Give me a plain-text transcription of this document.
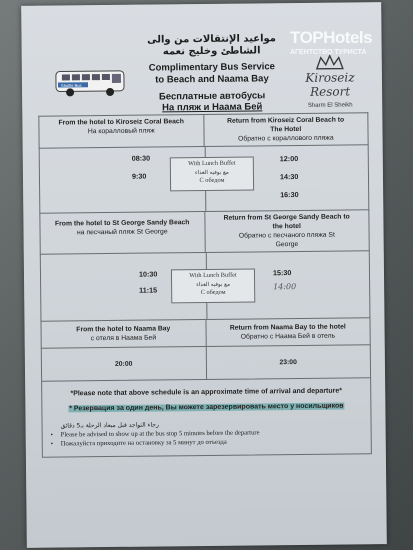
مواعيد الإنتقالات من والى الشاطئ وخليج نعمه
Shuttle Bus
Complimentary Bus Service
to Beach and Naama Bay
Бесплатные автобусы
На пляж и Наама Бей
Kiroseiz Resort
Sharm El Sheikh
From the hotel to Kiroseiz Coral Beach
На коралловый пляж
Return from Kiroseiz Coral Beach to
The Hotel
Обратно с кораллового пляжа
08:30
9:30
12:00
14:30
16:30
With Lunch Buffet
مع بوفيه الغذاء
С обедом
From the hotel to St George Sandy Beach
на песчаный пляж St George
Return from St George Sandy Beach to
the hotel
Обратно с песчаного пляжа St
George
10:30
11:15
15:30
14:00
With Lunch Buffet
مع بوفيه الغذاء
С обедом
From the hotel to Naama Bay
с отеля в Наама Бей
Return from Naama Bay to the hotel
Обратно с Наама Бей в отель
20:00	23:00
*Please note that above schedule is an approximate time of arrival and departure*
* Резервация за один день, Вы можете зарезервировать место у носильщиков
رجاء التواجد قبل ميعاد الرحلة بـ5 دقائق
• Please be advised to show up at the bus stop 5 minutes before the departure
• Пожалуйста приходите на остановку за 5 минут до отъезда
TOPHotels
АГЕНТСТВО ТУРИСТА
